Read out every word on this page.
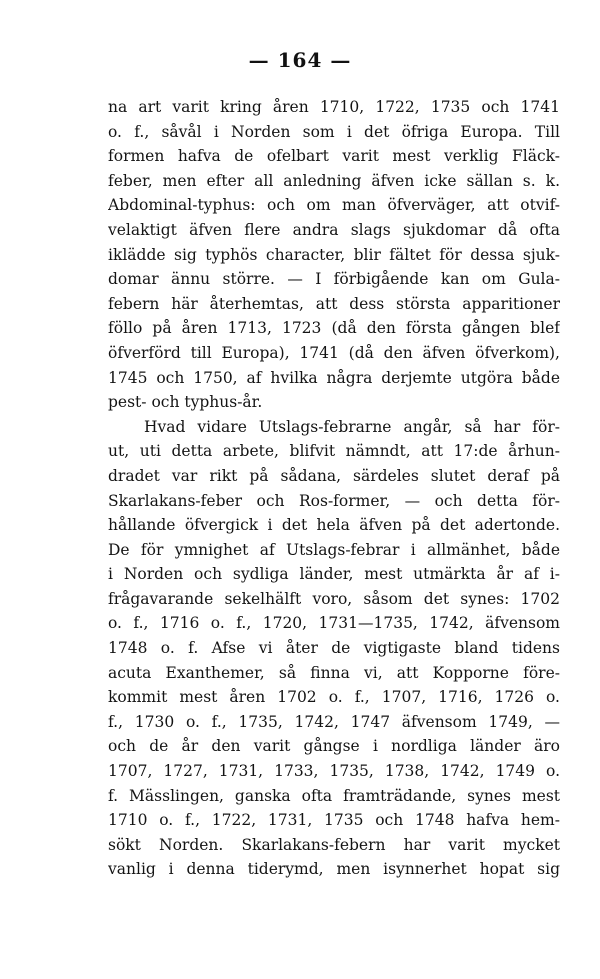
— 164 —
na art varit kring åren 1710, 1722, 1735 och 1741
o. f., såvål i Norden som i det öfriga Europa. Till
formen hafva de ofelbart varit mest verklig Fläck-
feber, men efter all anledning äfven icke sällan s. k.
Abdominal-typhus: och om man öfverväger, att otvif-
velaktigt äfven flere andra slags sjukdomar då ofta
iklädde sig typhös character, blir fältet för dessa sjuk-
domar ännu större. — I förbigående kan om Gula-
febern här återhemtas, att dess största apparitioner
föllo på åren 1713, 1723 (då den första gången blef
öfverförd till Europa), 1741 (då den äfven öfverkom),
1745 och 1750, af hvilka några derjemte utgöra både
pest- och typhus-år.
Hvad vidare Utslags-febrarne angår, så har för-
ut, uti detta arbete, blifvit nämndt, att 17:de århun-
dradet var rikt på sådana, särdeles slutet deraf på
Skarlakans-feber och Ros-former, — och detta för-
hållande öfvergick i det hela äfven på det adertonde.
De för ymnighet af Utslags-febrar i allmänhet, både
i Norden och sydliga länder, mest utmärkta år af i-
frågavarande sekelhälft voro, såsom det synes: 1702
o. f., 1716 o. f., 1720, 1731—1735, 1742, äfvensom
1748 o. f. Afse vi åter de vigtigaste bland tidens
acuta Exanthemer, så finna vi, att Kopporne före-
kommit mest åren 1702 o. f., 1707, 1716, 1726 o.
f., 1730 o. f., 1735, 1742, 1747 äfvensom 1749, —
och de år den varit gångse i nordliga länder äro
1707, 1727, 1731, 1733, 1735, 1738, 1742, 1749 o.
f. Mässlingen, ganska ofta framträdande, synes mest
1710 o. f., 1722, 1731, 1735 och 1748 hafva hem-
sökt Norden. Skarlakans-febern har varit mycket
vanlig i denna tiderymd, men isynnerhet hopat sig
